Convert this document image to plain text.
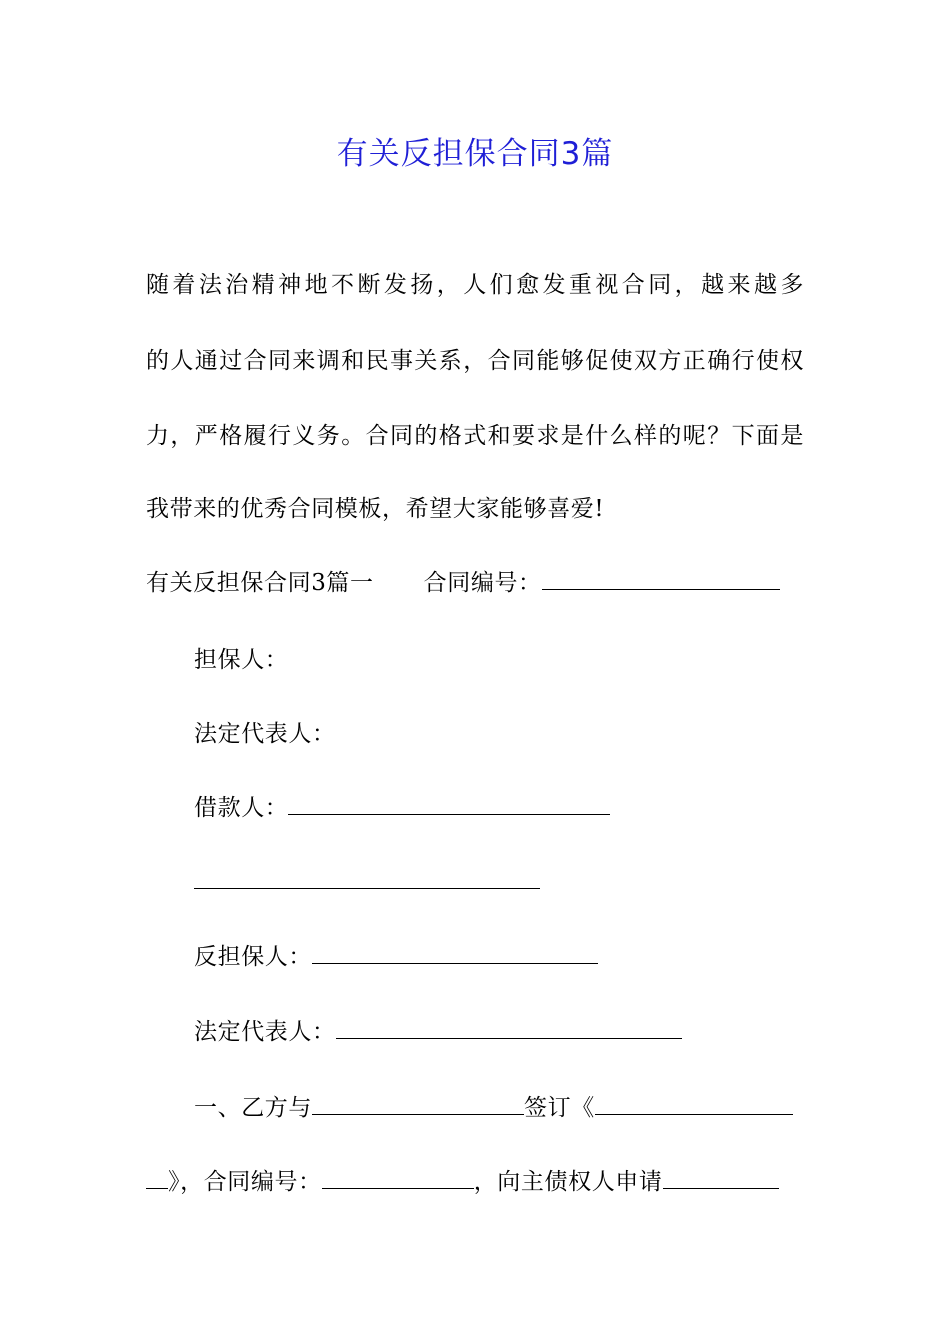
有关反担保合同3篇
随着法治精神地不断发扬，人们愈发重视合同，越来越多
的人通过合同来调和民事关系，合同能够促使双方正确行使权
力，严格履行义务。合同的格式和要求是什么样的呢？下面是
我带来的优秀合同模板，希望大家能够喜爱!
有关反担保合同3篇一 合同编号：
担保人：
法定代表人：
借款人：
反担保人：
法定代表人：
一、乙方与	签订《
》，合同编号：	，向主债权人申请
